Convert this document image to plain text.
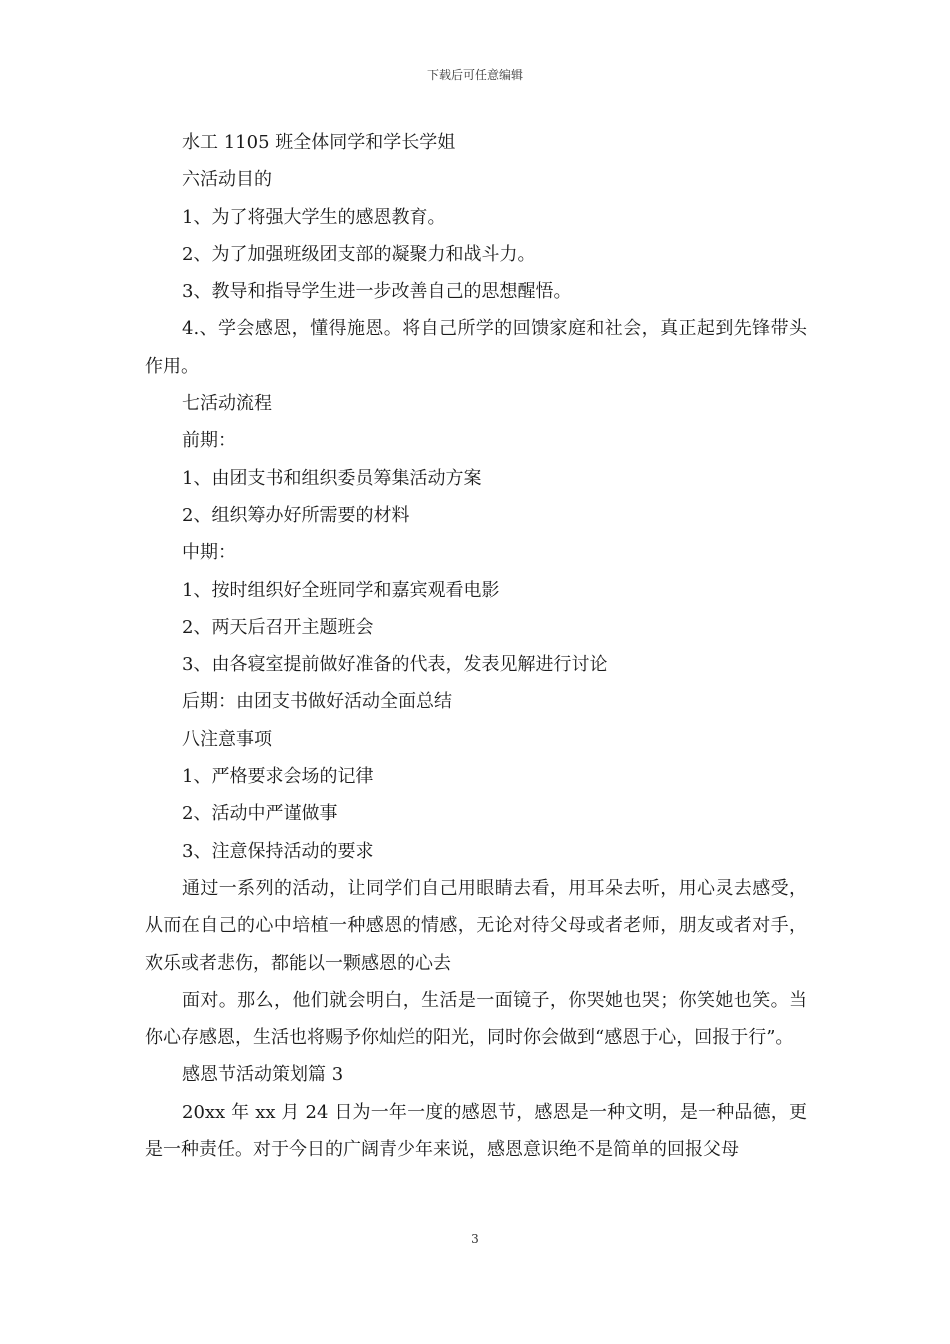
下载后可任意编辑

水工 1105 班全体同学和学长学姐

六活动目的

1、为了将强大学生的感恩教育。

2、为了加强班级团支部的凝聚力和战斗力。

3、教导和指导学生进一步改善自己的思想醒悟。

4.、学会感恩，懂得施恩。将自己所学的回馈家庭和社会，真正起到先锋带头作用。

七活动流程

前期：

1、由团支书和组织委员筹集活动方案

2、组织筹办好所需要的材料

中期：

1、按时组织好全班同学和嘉宾观看电影

2、两天后召开主题班会

3、由各寝室提前做好准备的代表，发表见解进行讨论

后期：由团支书做好活动全面总结

八注意事项

1、严格要求会场的记律

2、活动中严谨做事

3、注意保持活动的要求

通过一系列的活动，让同学们自己用眼睛去看，用耳朵去听，用心灵去感受，从而在自己的心中培植一种感恩的情感，无论对待父母或者老师，朋友或者对手，欢乐或者悲伤，都能以一颗感恩的心去

面对。那么，他们就会明白，生活是一面镜子，你哭她也哭；你笑她也笑。当你心存感恩，生活也将赐予你灿烂的阳光，同时你会做到“感恩于心，回报于行”。

感恩节活动策划篇 3

20xx 年 xx 月 24 日为一年一度的感恩节，感恩是一种文明，是一种品德，更是一种责任。对于今日的广阔青少年来说，感恩意识绝不是简单的回报父母

3
